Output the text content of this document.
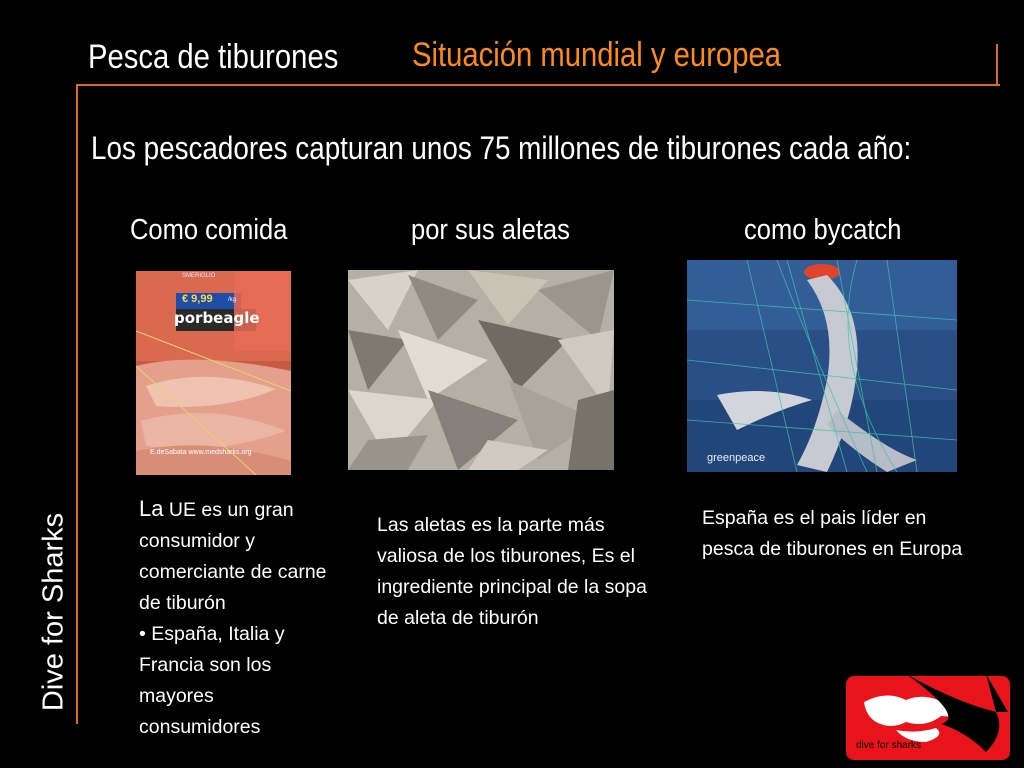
Pesca de tiburones Situación mundial y europea
Dive for Sharks
Los pescadores capturan unos 75 millones de tiburones cada año:
Como comida	por sus aletas	como bycatch
SMERIGLIO
€ 9,99	/kg
porbeagle
E.deSabata www.medsharks.org	greenpeace

La UE es un gran consumidor y comerciante de carne de tiburón

• España, Italia y Francia son los mayores consumidores

Las aletas es la parte más valiosa de los tiburones, Es el ingrediente principal de la sopa de aleta de tiburón

España es el pais líder en pesca de tiburones en Europa

dive for sharks
